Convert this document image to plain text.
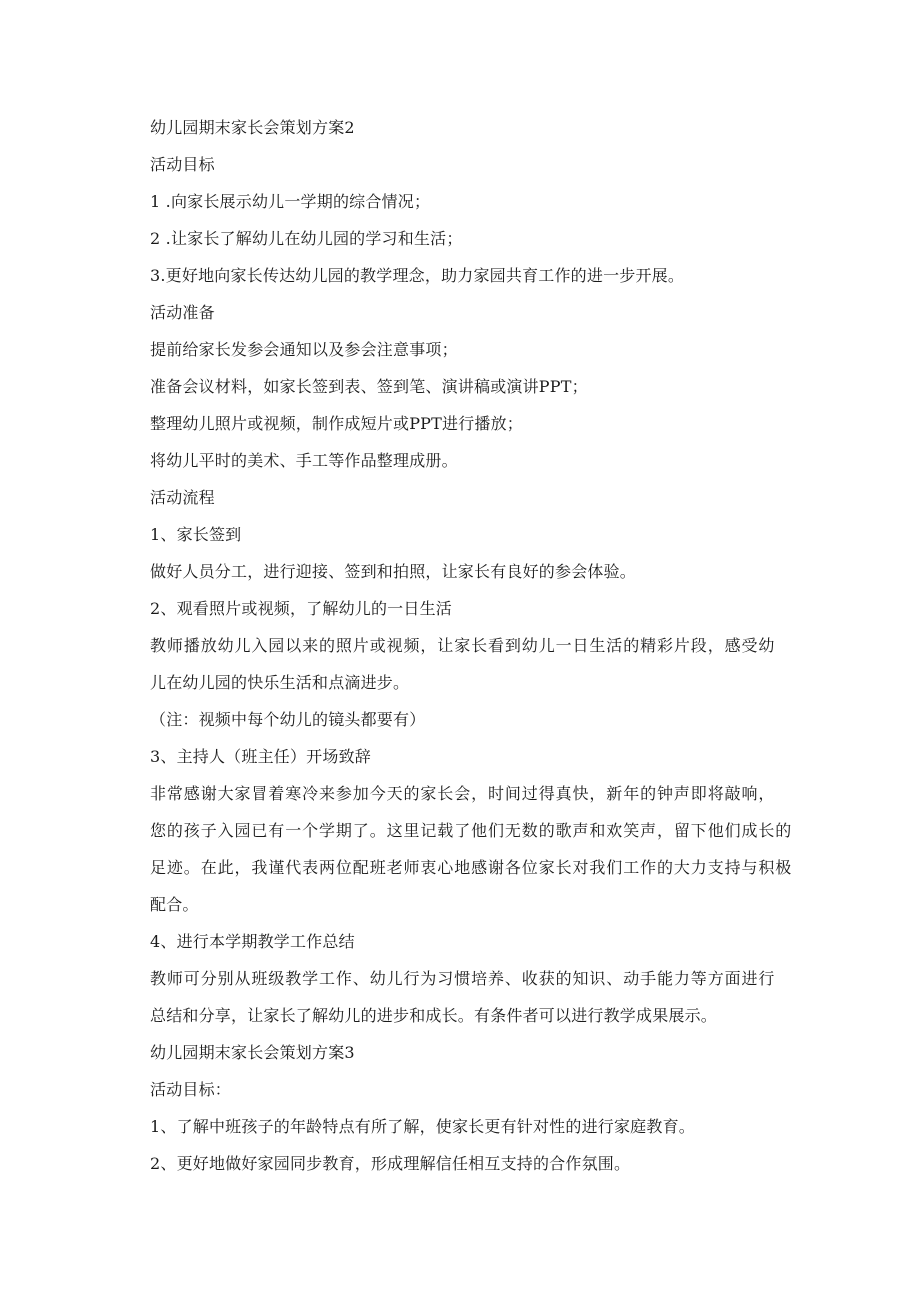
幼儿园期末家长会策划方案2
活动目标
1 .向家长展示幼儿一学期的综合情况；
2 .让家长了解幼儿在幼儿园的学习和生活；
3.更好地向家长传达幼儿园的教学理念，助力家园共育工作的进一步开展。
活动准备
提前给家长发参会通知以及参会注意事项；
准备会议材料，如家长签到表、签到笔、演讲稿或演讲PPT；
整理幼儿照片或视频，制作成短片或PPT进行播放；
将幼儿平时的美术、手工等作品整理成册。
活动流程
1、家长签到
做好人员分工，进行迎接、签到和拍照，让家长有良好的参会体验。
2、观看照片或视频，了解幼儿的一日生活
教师播放幼儿入园以来的照片或视频，让家长看到幼儿一日生活的精彩片段，感受幼
儿在幼儿园的快乐生活和点滴进步。
（注：视频中每个幼儿的镜头都要有）
3、主持人（班主任）开场致辞
非常感谢大家冒着寒冷来参加今天的家长会，时间过得真快，新年的钟声即将敲响，
您的孩子入园已有一个学期了。这里记载了他们无数的歌声和欢笑声，留下他们成长的
足迹。在此，我谨代表两位配班老师衷心地感谢各位家长对我们工作的大力支持与积极
配合。
4、进行本学期教学工作总结
教师可分别从班级教学工作、幼儿行为习惯培养、收获的知识、动手能力等方面进行
总结和分享，让家长了解幼儿的进步和成长。有条件者可以进行教学成果展示。
幼儿园期末家长会策划方案3
活动目标：
1、了解中班孩子的年龄特点有所了解，使家长更有针对性的进行家庭教育。
2、更好地做好家园同步教育，形成理解信任相互支持的合作氛围。
